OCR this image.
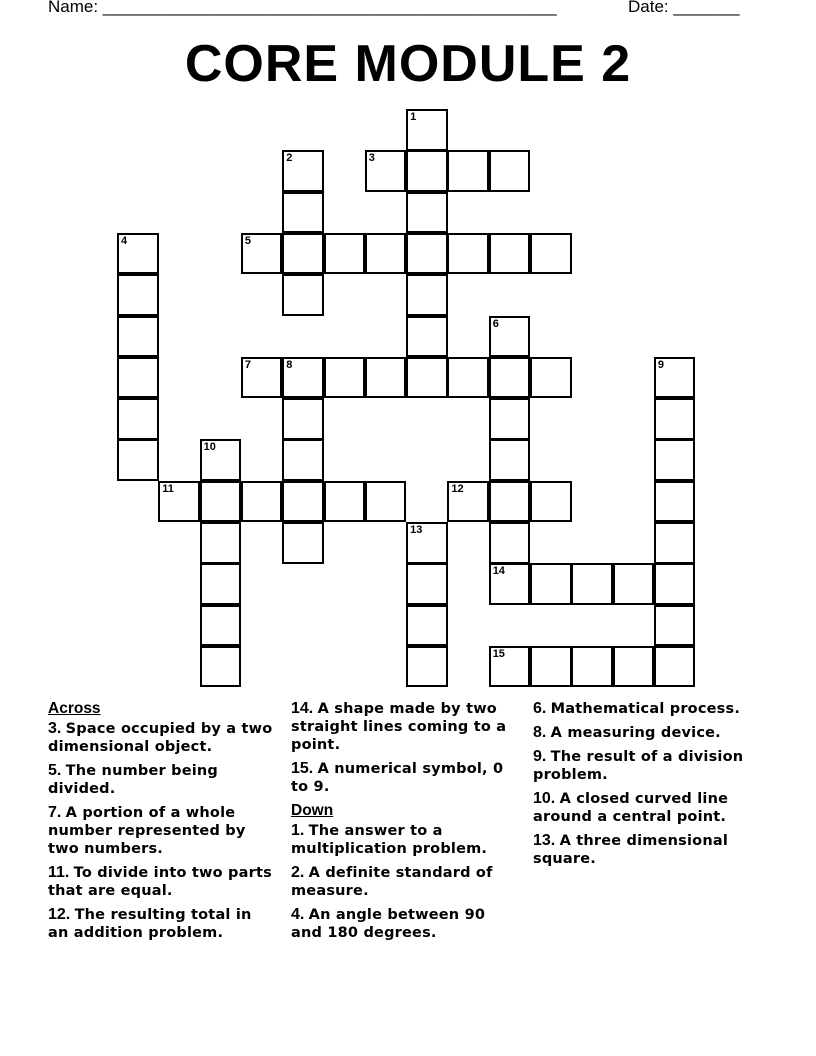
Name: ________________________________________________	Date: _______
CORE MODULE 2
1
2	3
4	5
6
7	8	9
10
11	12
13
14
15
Across

3. Space occupied by a two dimensional object.

5. The number being divided.

7. A portion of a whole number represented by two numbers.

11. To divide into two parts that are equal.

12. The resulting total in an addition problem.

14. A shape made by two straight lines coming to a point.

15. A numerical symbol, 0 to 9.

Down

1. The answer to a multiplication problem.

2. A definite standard of measure.

4. An angle between 90 and 180 degrees.

6. Mathematical process.

8. A measuring device.

9. The result of a division problem.

10. A closed curved line around a central point.

13. A three dimensional square.
